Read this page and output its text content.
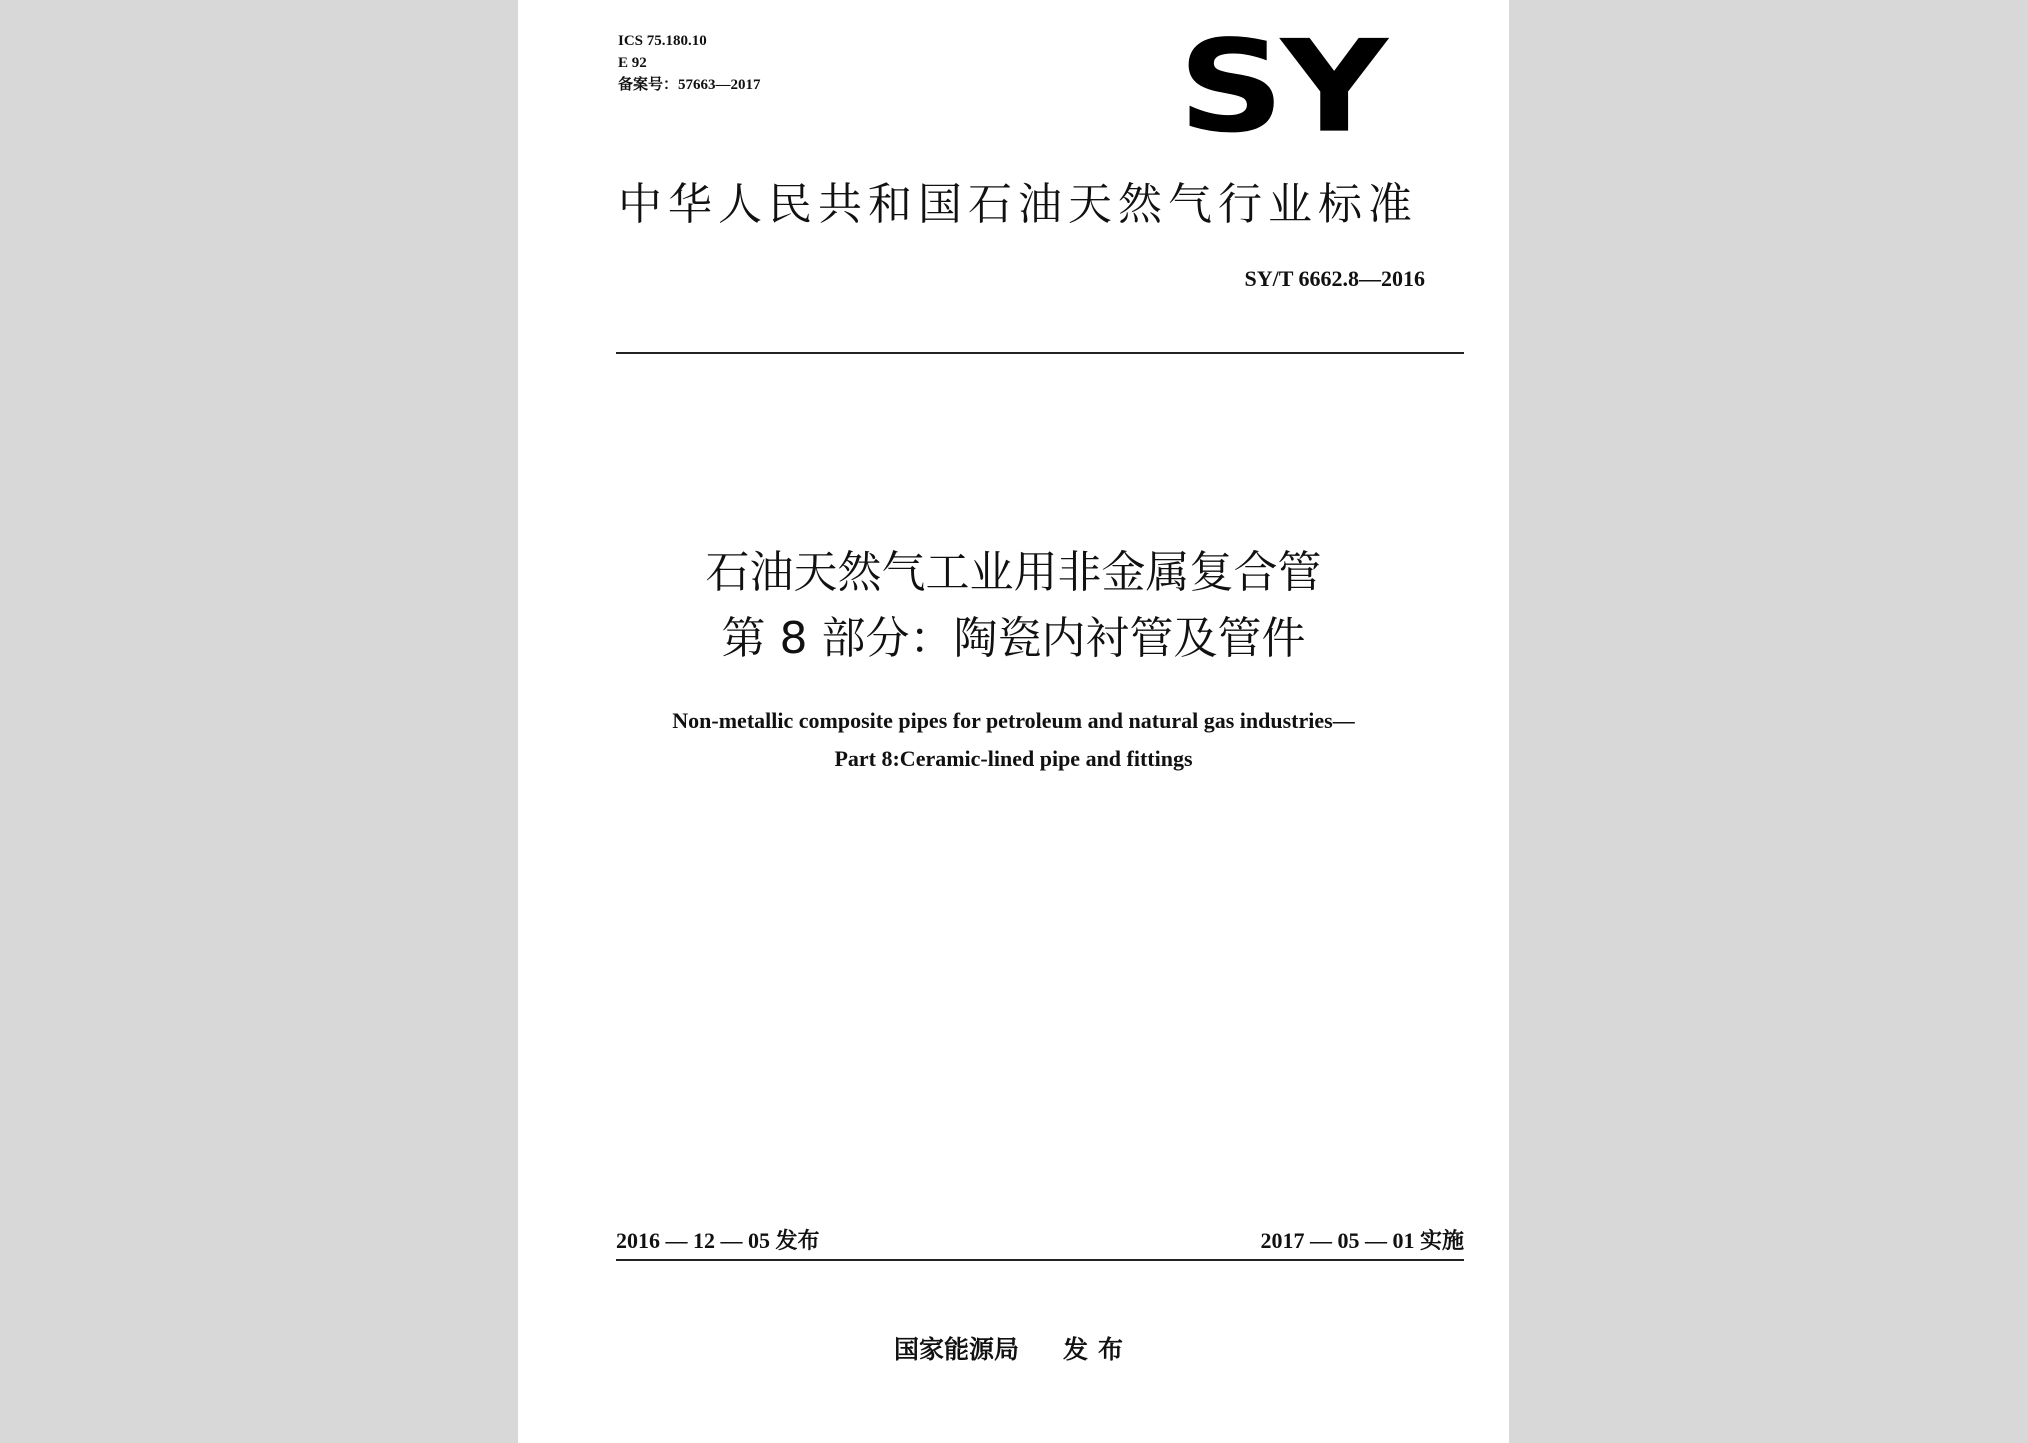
ICS 75.180.10
E 92
备案号：57663—2017	SY
中华人民共和国石油天然气行业标准
SY/T 6662.8—2016
石油天然气工业用非金属复合管
第 8 部分：陶瓷内衬管及管件
Non-metallic composite pipes for petroleum and natural gas industries—
Part 8:Ceramic-lined pipe and fittings
2016 — 12 — 05 发布	2017 — 05 — 01 实施
国家能源局 发布
